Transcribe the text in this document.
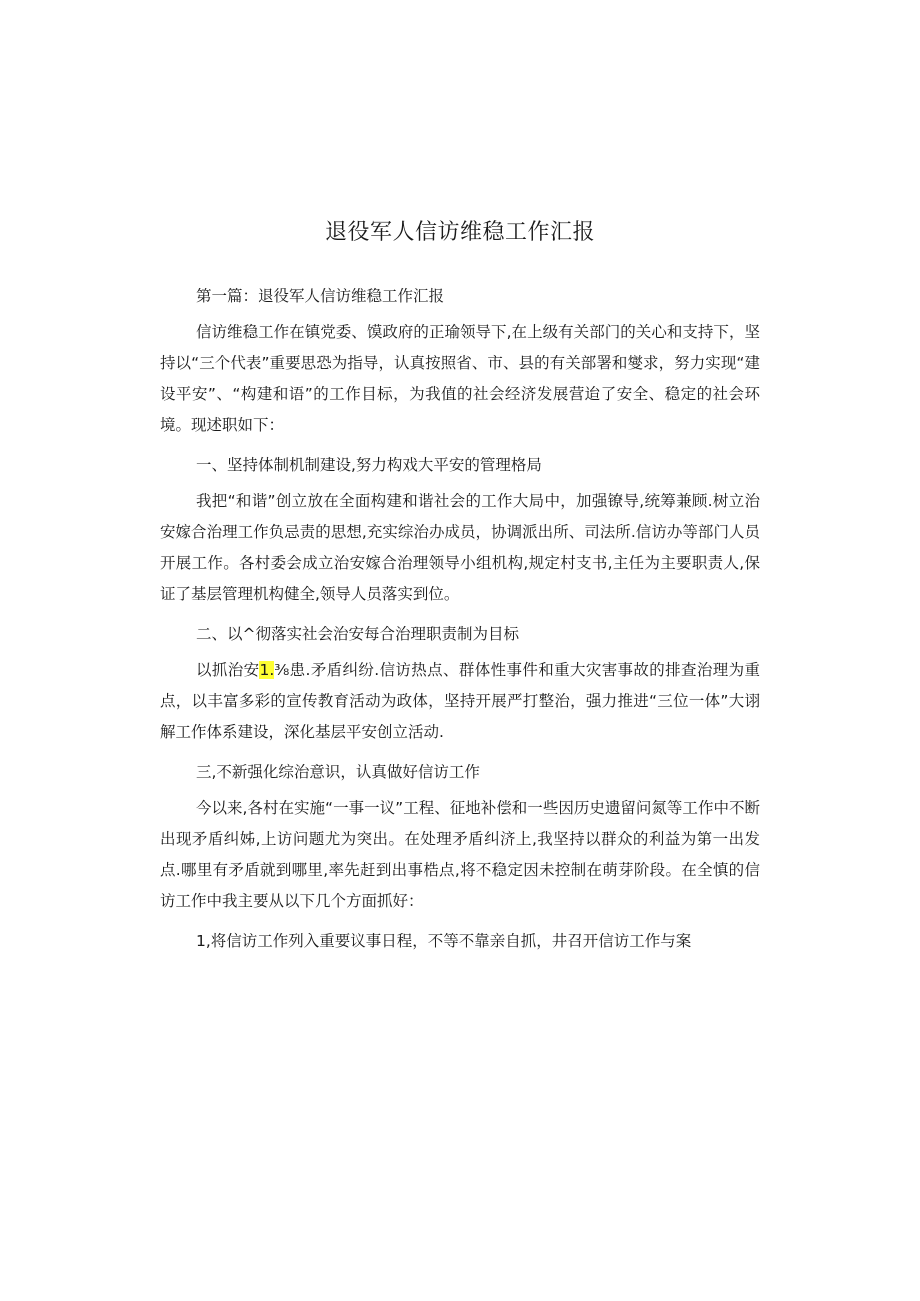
退役军人信访维稳工作汇报

第一篇：退役军人信访维稳工作汇报

信访维稳工作在镇党委、馍政府的正瑜领导下,在上级有关部门的关心和支持下，坚持以“三个代表”重要思恐为指导，认真按照省、市、县的有关部署和燮求，努力实现“建设平安”、“构建和语”的工作目标，为我值的社会经济发展营迨了安全、稳定的社会环境。现述职如下：

一、坚持体制机制建设,努力构戏大平安的管理格局

我把“和谐”创立放在全面构建和谐社会的工作大局中，加强镣导,统筹兼顾.树立治安嫁合治理工作负忌责的思想,充实综治办成员，协调派出所、司法所.信访办等部门人员开展工作。各村委会成立治安嫁合治理领导小组机构,规定村支书,主任为主要职责人,保证了基层管理机构健全,领导人员落实到位。

二、以^彻落实社会治安每合治理职责制为目标

以抓治安1.⅜患.矛盾纠纷.信访热点、群体性事件和重大灾害事故的排查治理为重点，以丰富多彩的宣传教育活动为政体，坚持开展严打整治，强力推进“三位一体”大诩解工作体系建设，深化基层平安创立活动.

三,不新强化综治意识，认真做好信访工作

今以来,各村在实施“一事一议”工程、征地补偿和一些因历史遗留问氮等工作中不断出现矛盾纠姊,上访问题尤为突出。在处理矛盾纠济上,我坚持以群众的利益为第一出发点.哪里有矛盾就到哪里,率先赶到出事梏点,将不稳定因未控制在萌芽阶段。在全慎的信访工作中我主要从以下几个方面抓好：

1,将信访工作列入重要议事日程，不等不靠亲自抓，井召开信访工作与案
